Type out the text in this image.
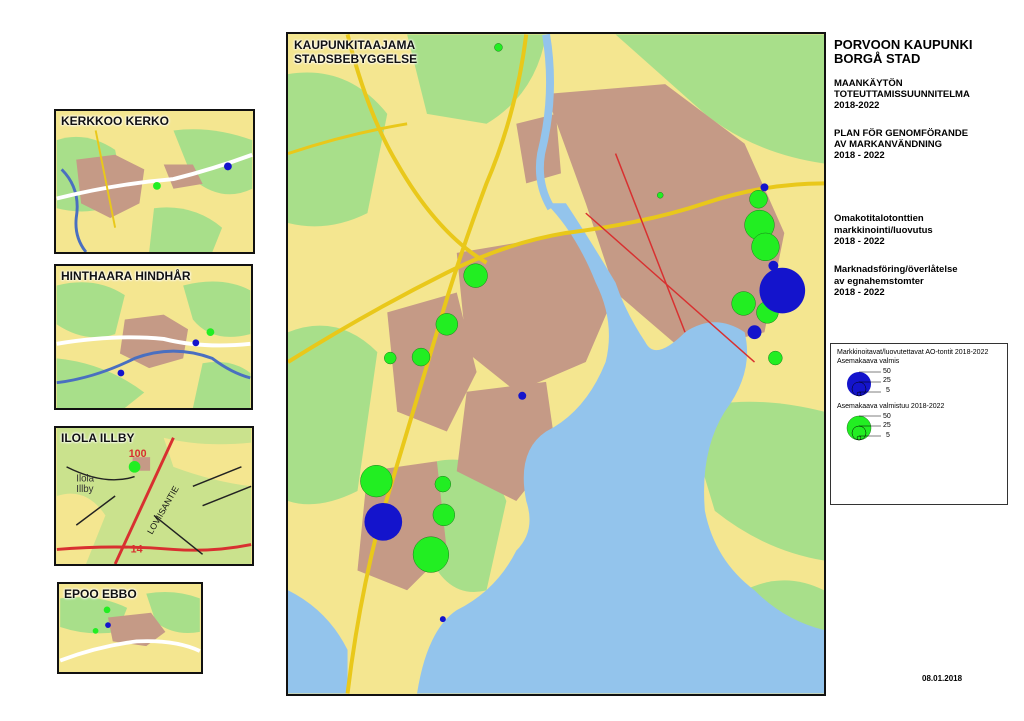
KERKKOO KERKO
HINTHAARA HINDHÅR
Ilola
Illby	LOVIISANTIE
100
14
ILOLA ILLBY
EPOO EBBO
KAUPUNKITAAJAMA
STADSBEBYGGELSE
PORVOON KAUPUNKI
BORGÅ STAD
MAANKÄYTÖN
TOTEUTTAMISSUUNNITELMA
2018-2022
PLAN FÖR GENOMFÖRANDE
AV MARKANVÄNDNING
2018 - 2022
Omakotitalotonttien
markkinointi/luovutus
2018 - 2022
Marknadsföring/överlåtelse
av egnahemstomter
2018 - 2022
Markkinoitavat/luovutettavat AO-tontit 2018-2022
Asemakaava valmis
50
25
5
Asemakaava valmistuu 2018-2022
50
25
5
08.01.2018
